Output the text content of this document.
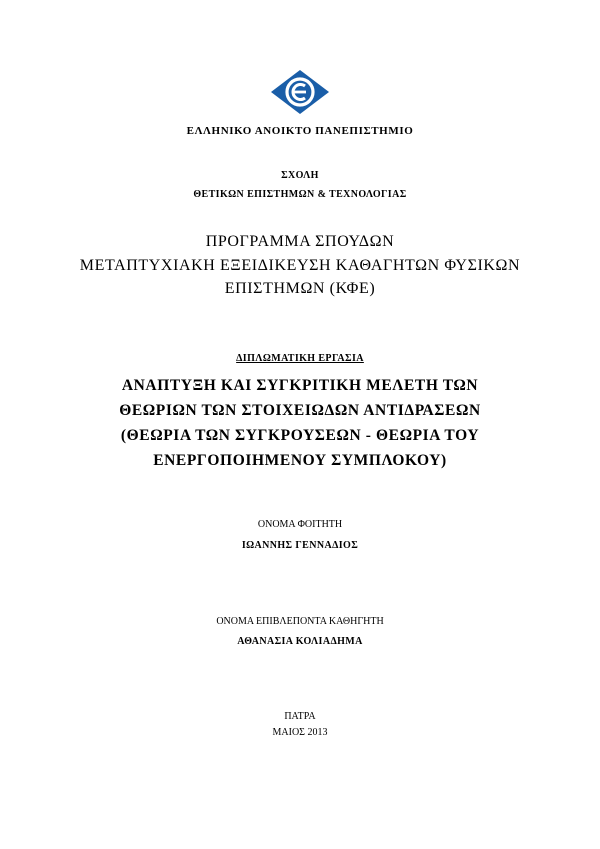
ΕΛΛΗΝΙΚΟ ΑΝΟΙΚΤΟ ΠΑΝΕΠΙΣΤΗΜΙΟ
ΣΧΟΛΗ
ΘΕΤΙΚΩΝ ΕΠΙΣΤΗΜΩΝ & ΤΕΧΝΟΛΟΓΙΑΣ
ΠΡΟΓΡΑΜΜΑ ΣΠΟΥΔΩΝ
ΜΕΤΑΠΤΥΧΙΑΚΗ ΕΞΕΙΔΙΚΕΥΣΗ ΚΑΘΑΓΗΤΩΝ ΦΥΣΙΚΩΝ
ΕΠΙΣΤΗΜΩΝ (ΚΦΕ)
ΔΙΠΛΩΜΑΤΙΚΗ ΕΡΓΑΣΙΑ
ΑΝΑΠΤΥΞΗ ΚΑΙ ΣΥΓΚΡΙΤΙΚΗ ΜΕΛΕΤΗ ΤΩΝ
ΘΕΩΡΙΩΝ ΤΩΝ ΣΤΟΙΧΕΙΩΔΩΝ ΑΝΤΙΔΡΑΣΕΩΝ
(ΘΕΩΡΙΑ ΤΩΝ ΣΥΓΚΡΟΥΣΕΩΝ - ΘΕΩΡΙΑ ΤΟΥ
ΕΝΕΡΓΟΠΟΙΗΜΕΝΟΥ ΣΥΜΠΛΟΚΟΥ)
ΟΝΟΜΑ ΦΟΙΤΗΤΗ
ΙΩΑΝΝΗΣ ΓΕΝΝΑΔΙΟΣ
ΟΝΟΜΑ ΕΠΙΒΛΕΠΟΝΤΑ ΚΑΘΗΓΗΤΗ
ΑΘΑΝΑΣΙΑ ΚΟΛΙΑΔΗΜΑ
ΠΑΤΡΑ
ΜΑΙΟΣ 2013
